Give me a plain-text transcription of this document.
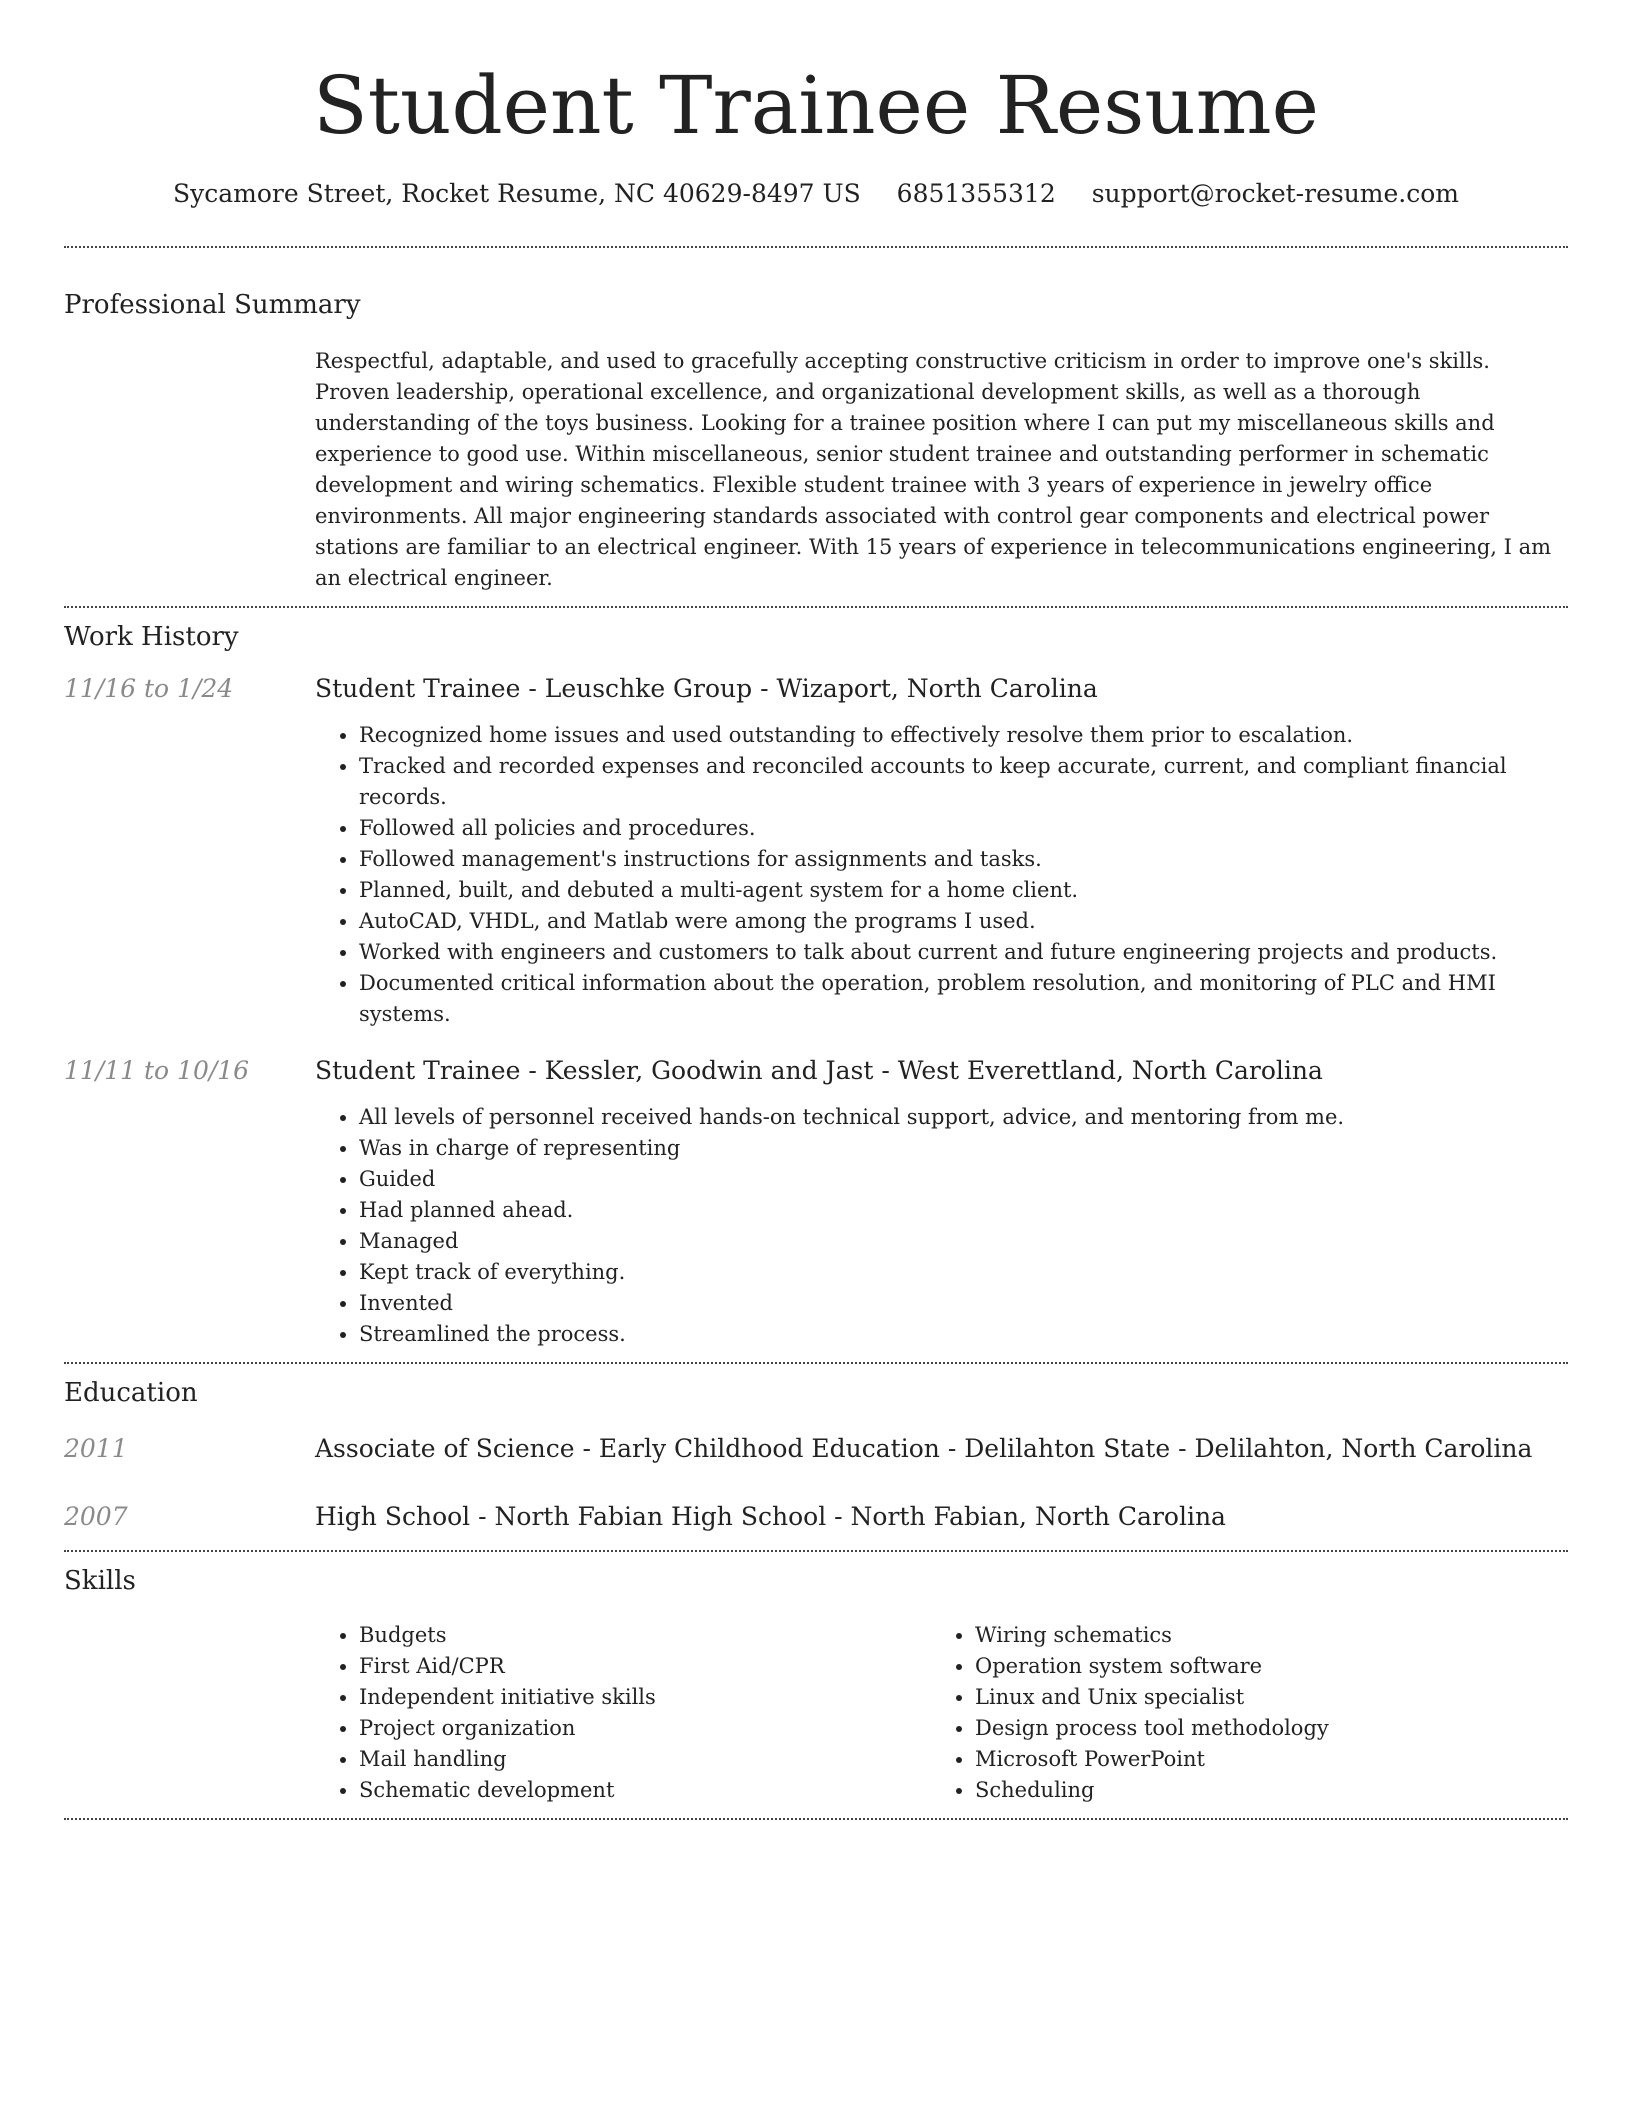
Student Trainee Resume
Sycamore Street, Rocket Resume, NC 40629-8497 US 6851355312 support@rocket-resume.com
Professional Summary

Respectful, adaptable, and used to gracefully accepting constructive criticism in order to improve one's skills. Proven leadership, operational excellence, and organizational development skills, as well as a thorough understanding of the toys business. Looking for a trainee position where I can put my miscellaneous skills and experience to good use. Within miscellaneous, senior student trainee and outstanding performer in schematic development and wiring schematics. Flexible student trainee with 3 years of experience in jewelry office environments. All major engineering standards associated with control gear components and electrical power stations are familiar to an electrical engineer. With 15 years of experience in telecommunications engineering, I am an electrical engineer.

Work History
11/16 to 1/24	Student Trainee - Leuschke Group - Wizaport, North Carolina
• Recognized home issues and used outstanding to effectively resolve them prior to escalation.
• Tracked and recorded expenses and reconciled accounts to keep accurate, current, and compliant financial records.
• Followed all policies and procedures.
• Followed management's instructions for assignments and tasks.
• Planned, built, and debuted a multi-agent system for a home client.
• AutoCAD, VHDL, and Matlab were among the programs I used.
• Worked with engineers and customers to talk about current and future engineering projects and products.
• Documented critical information about the operation, problem resolution, and monitoring of PLC and HMI systems.
11/11 to 10/16	Student Trainee - Kessler, Goodwin and Jast - West Everettland, North Carolina
• All levels of personnel received hands-on technical support, advice, and mentoring from me.
• Was in charge of representing
• Guided
• Had planned ahead.
• Managed
• Kept track of everything.
• Invented
• Streamlined the process.
Education
2011	Associate of Science - Early Childhood Education - Delilahton State - Delilahton, North Carolina
2007	High School - North Fabian High School - North Fabian, North Carolina
Skills
• Budgets
• First Aid/CPR
• Independent initiative skills
• Project organization
• Mail handling
• Schematic development
• Wiring schematics
• Operation system software
• Linux and Unix specialist
• Design process tool methodology
• Microsoft PowerPoint
• Scheduling
